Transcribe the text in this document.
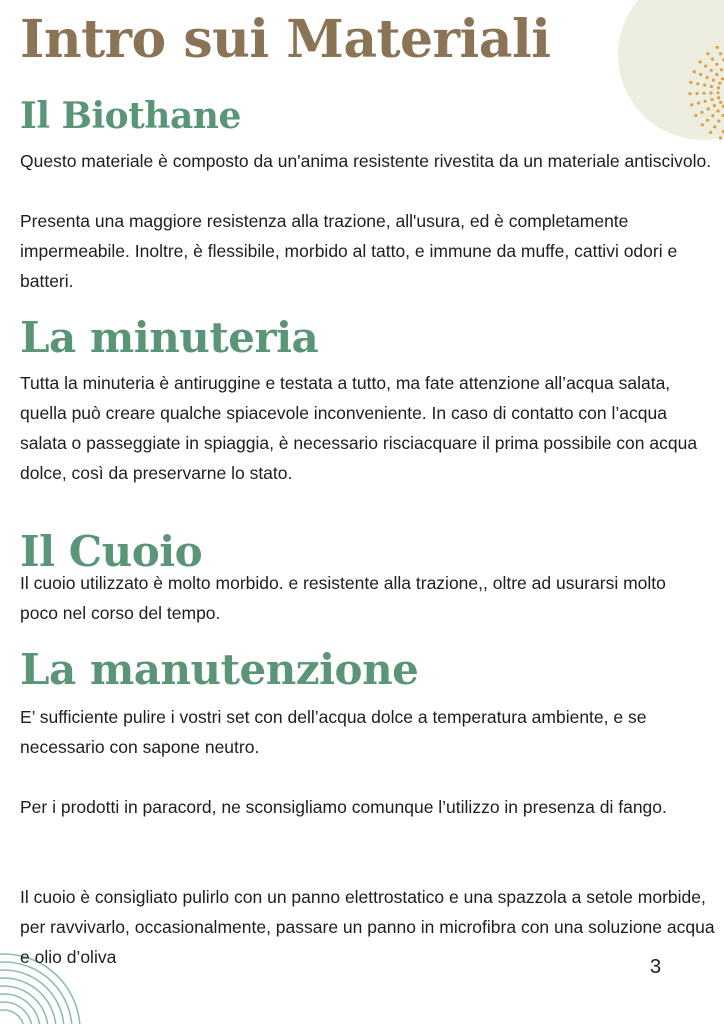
Intro sui Materiali
Il Biothane

Questo materiale è composto da un'anima resistente rivestita da un materiale antiscivolo.

Presenta una maggiore resistenza alla trazione, all'usura, ed è completamente impermeabile. Inoltre, è flessibile, morbido al tatto, e immune da muffe, cattivi odori e batteri.

La minuteria

Tutta la minuteria è antiruggine e testata a tutto, ma fate attenzione all’acqua salata, quella può creare qualche spiacevole inconveniente. In caso di contatto con l’acqua salata o passeggiate in spiaggia, è necessario risciacquare il prima possibile con acqua dolce, così da preservarne lo stato.

Il Cuoio

Il cuoio utilizzato è molto morbido. e resistente alla trazione,, oltre ad usurarsi molto poco nel corso del tempo.

La manutenzione

E’ sufficiente pulire i vostri set con dell’acqua dolce a temperatura ambiente, e se necessario con sapone neutro.

Per i prodotti in paracord, ne sconsigliamo comunque l’utilizzo in presenza di fango.

Il cuoio è consigliato pulirlo con un panno elettrostatico e una spazzola a setole morbide, per ravvivarlo, occasionalmente, passare un panno in microfibra con una soluzione acqua e olio d’oliva	3
